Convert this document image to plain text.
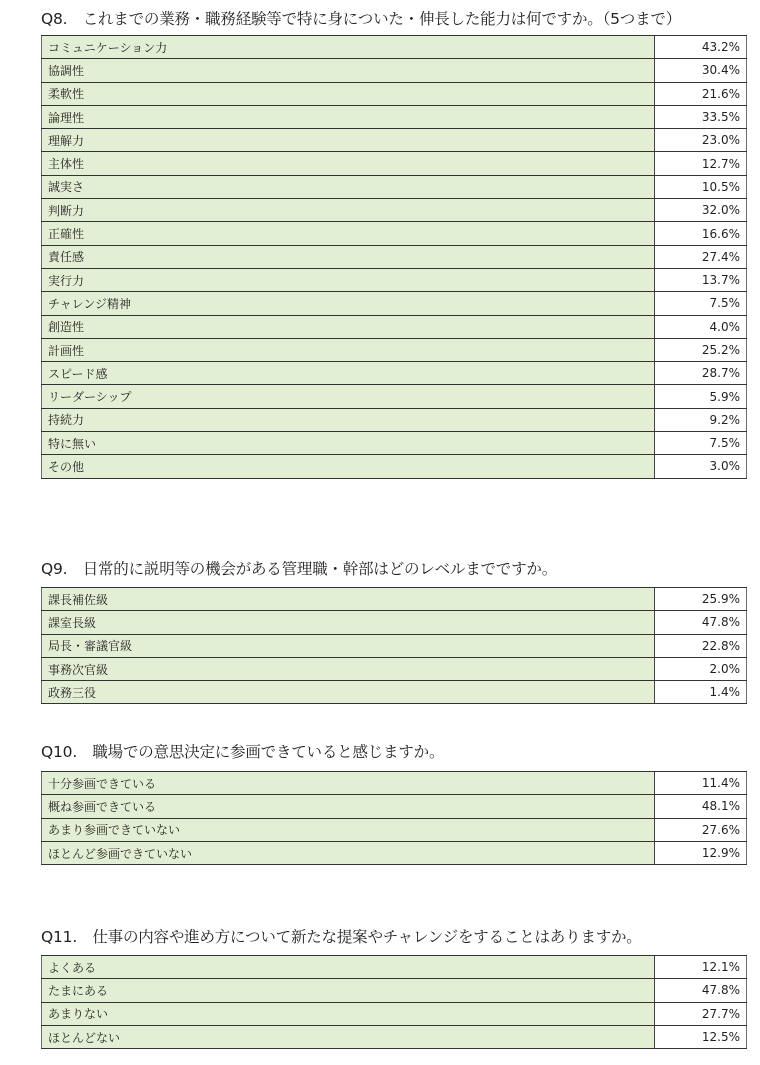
Q8.　これまでの業務・職務経験等で特に身についた・伸長した能力は何ですか。（5つまで）
コミュニケーション力	43.2%
協調性	30.4%
柔軟性	21.6%
論理性	33.5%
理解力	23.0%
主体性	12.7%
誠実さ	10.5%
判断力	32.0%
正確性	16.6%
責任感	27.4%
実行力	13.7%
チャレンジ精神	7.5%
創造性	4.0%
計画性	25.2%
スピード感	28.7%
リーダーシップ	5.9%
持続力	9.2%
特に無い	7.5%
その他	3.0%
Q9.　日常的に説明等の機会がある管理職・幹部はどのレベルまでですか。
課長補佐級	25.9%
課室長級	47.8%
局長・審議官級	22.8%
事務次官級	2.0%
政務三役	1.4%
Q10.　職場での意思決定に参画できていると感じますか。
十分参画できている	11.4%
概ね参画できている	48.1%
あまり参画できていない	27.6%
ほとんど参画できていない	12.9%
Q11.　仕事の内容や進め方について新たな提案やチャレンジをすることはありますか。
よくある	12.1%
たまにある	47.8%
あまりない	27.7%
ほとんどない	12.5%
